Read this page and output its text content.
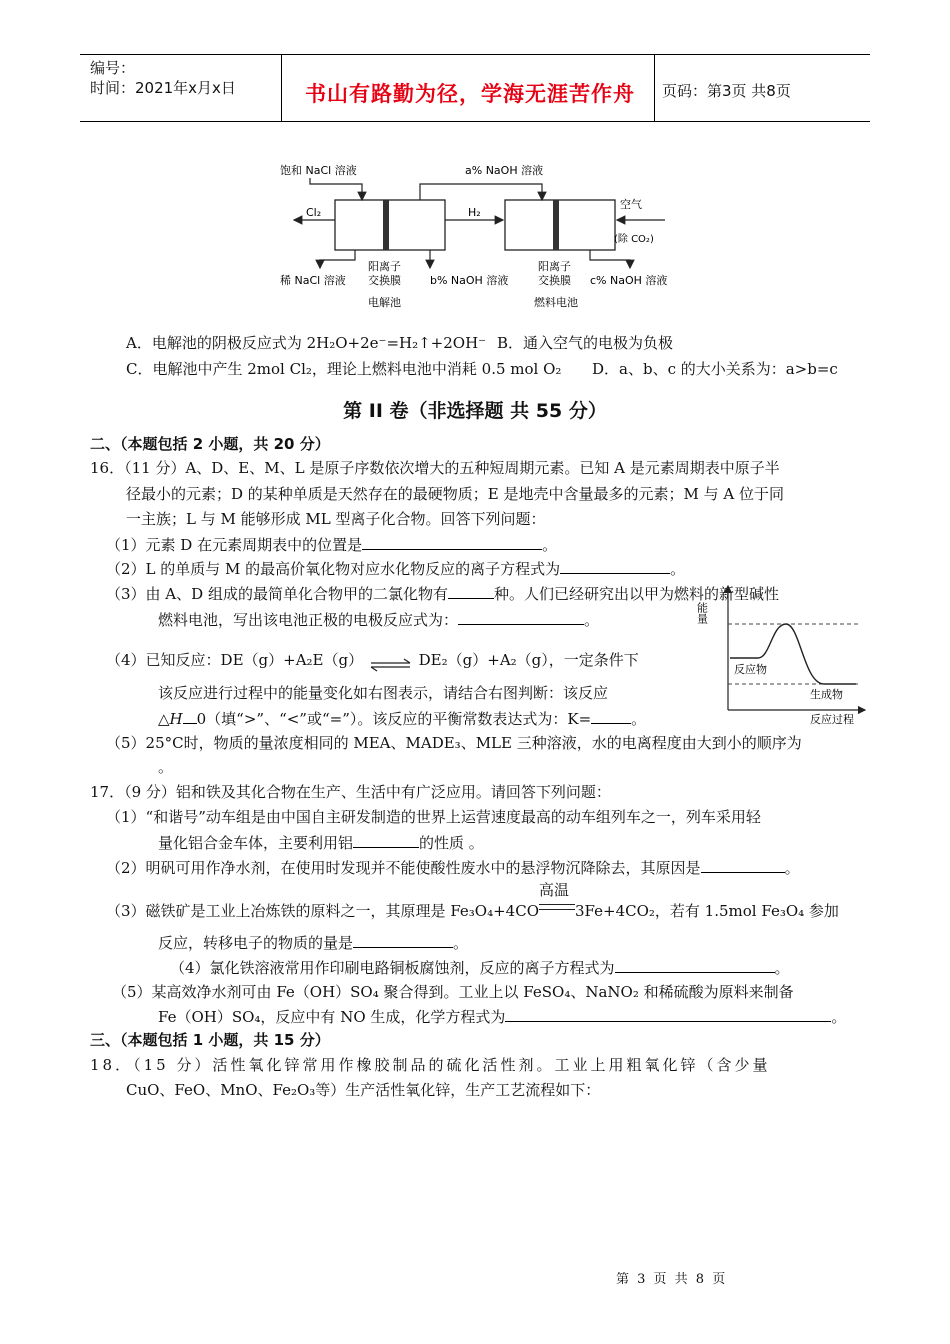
编号：
时间：2021年x月x日	书山有路勤为径，学海无涯苦作舟	页码：第3页 共8页
饱和 NaCl 溶液	a% NaOH 溶液
Cl₂	H₂
空气
(除 CO₂)
稀 NaCl 溶液
阳离子
交换膜	b% NaOH 溶液
阳离子
交换膜 c% NaOH 溶液
电解池	燃料电池
A．电解池的阴极反应式为 2H₂O+2e⁻=H₂↑+2OH⁻ B．通入空气的电极为负极
C．电解池中产生 2mol Cl₂，理论上燃料电池中消耗 0.5 mol O₂ D．a、b、c 的大小关系为：a>b=c
第 II 卷（非选择题 共 55 分）
二、（本题包括 2 小题，共 20 分）
16．（11 分）A、D、E、M、L 是原子序数依次增大的五种短周期元素。已知 A 是元素周期表中原子半
径最小的元素；D 的某种单质是天然存在的最硬物质；E 是地壳中含量最多的元素；M 与 A 位于同
一主族；L 与 M 能够形成 ML 型离子化合物。回答下列问题：
（1）元素 D 在元素周期表中的位置是	。
（2）L 的单质与 M 的最高价氧化物对应水化物反应的离子方程式为	。
（3）由 A、D 组成的最简单化合物甲的二氯化物有	种。人们已经研究出以甲为燃料的新型碱性
燃料电池，写出该电池正极的电极反应式为：	。
（4）已知反应：DE（g）+A₂E（g） ⇌ DE₂（g）+A₂（g），一定条件下
该反应进行过程中的能量变化如右图表示，请结合右图判断：该反应
△H 0（填“>”、“<”或“=”）。该反应的平衡常数表达式为：K=	。
（5）25°C时，物质的量浓度相同的 MEA、MADE₃、MLE 三种溶液，水的电离程度由大到小的顺序为
。
能量
反应物
生成物
反应过程
17．（9 分）铝和铁及其化合物在生产、生活中有广泛应用。请回答下列问题：
（1）“和谐号”动车组是由中国自主研发制造的世界上运营速度最高的动车组列车之一，列车采用轻
量化铝合金车体，主要利用铝	的性质 。
（2）明矾可用作净水剂，在使用时发现并不能使酸性废水中的悬浮物沉降除去，其原因是	。
（3）磁铁矿是工业上冶炼铁的原料之一，其原理是 Fe₃O₄+4CO
高温
3Fe+4CO₂，若有 1.5mol Fe₃O₄ 参加
反应，转移电子的物质的量是	。
（4）氯化铁溶液常用作印刷电路铜板腐蚀剂，反应的离子方程式为	。
（5）某高效净水剂可由 Fe（OH）SO₄ 聚合得到。工业上以 FeSO₄、NaNO₂ 和稀硫酸为原料来制备
Fe（OH）SO₄，反应中有 NO 生成，化学方程式为	。
三、（本题包括 1 小题，共 15 分）
18．（15 分）活性氧化锌常用作橡胶制品的硫化活性剂。工业上用粗氧化锌（含少量
CuO、FeO、MnO、Fe₂O₃等）生产活性氧化锌，生产工艺流程如下：
第 3 页 共 8 页
